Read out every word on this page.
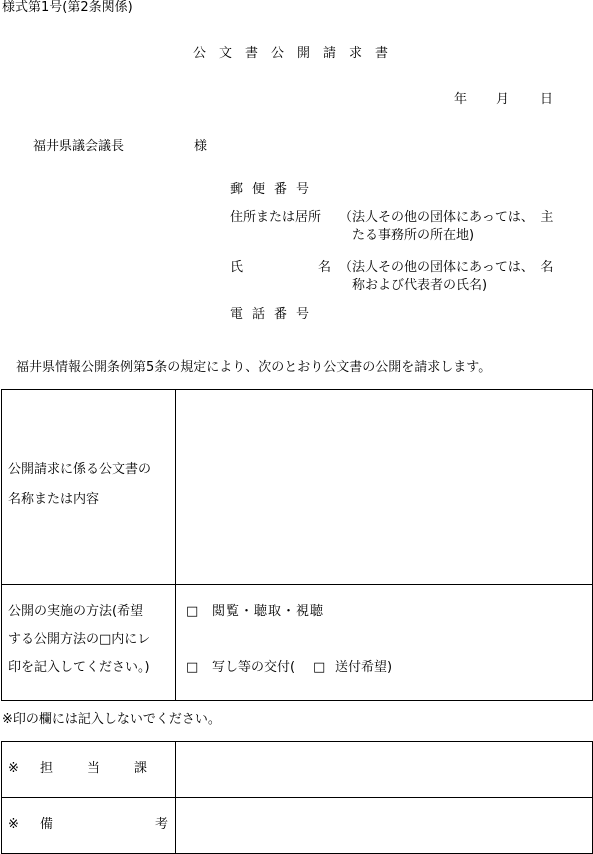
様式第1号(第2条関係)
公文書公開請求書
年 月 日
福井県議会議長	様
郵便番号
住所または居所 （法人その他の団体にあっては、　主
たる事務所の所在地)
氏	名 （法人その他の団体にあっては、　名
称および代表者の氏名)
電話番号
福井県情報公開条例第5条の規定により、次のとおり公文書の公開を請求します。
公開請求に係る公文書の
名称または内容
公開の実施の方法(希望
する公開方法の□内にレ
印を記入してください。)
□ 閲覧・聴取・視聴
□ 写し等の交付( □ 送付希望)
※印の欄には記入しないでください。
※ 担当課
※ 備考
